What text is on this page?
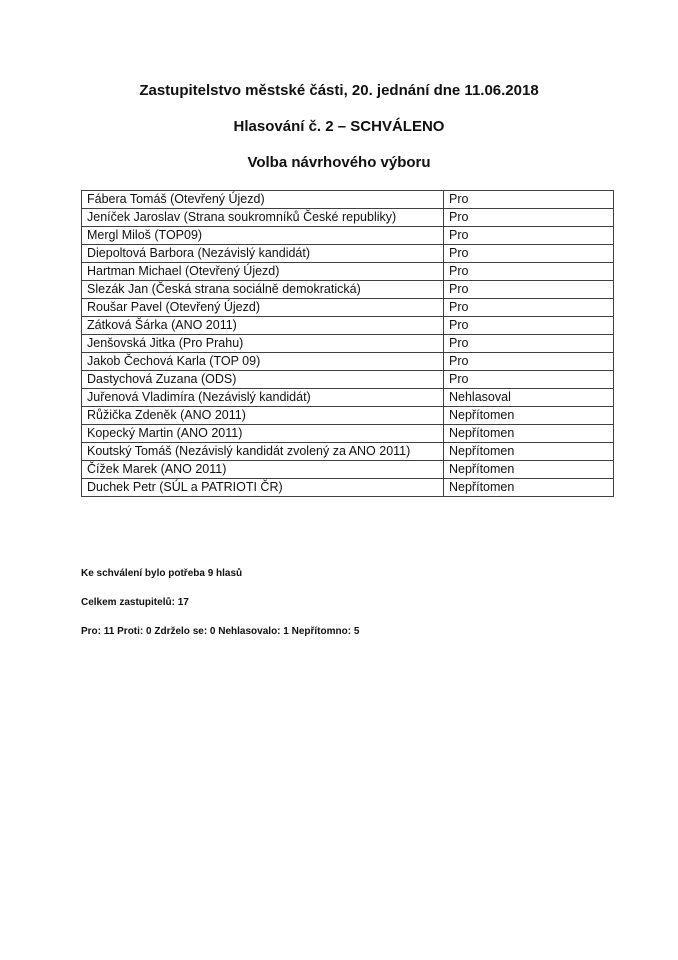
Zastupitelstvo městské části, 20. jednání dne 11.06.2018
Hlasování č. 2 – SCHVÁLENO
Volba návrhového výboru
Fábera Tomáš (Otevřený Újezd)	Pro
Jeníček Jaroslav (Strana soukromníků České republiky)	Pro
Mergl Miloš (TOP09)	Pro
Diepoltová Barbora (Nezávislý kandidát)	Pro
Hartman Michael (Otevřený Újezd)	Pro
Slezák Jan (Česká strana sociálně demokratická)	Pro
Roušar Pavel (Otevřený Újezd)	Pro
Zátková Šárka (ANO 2011)	Pro
Jenšovská Jitka (Pro Prahu)	Pro
Jakob Čechová Karla (TOP 09)	Pro
Dastychová Zuzana (ODS)	Pro
Juřenová Vladimíra (Nezávislý kandidát)	Nehlasoval
Růžička Zdeněk (ANO 2011)	Nepřítomen
Kopecký Martin (ANO 2011)	Nepřítomen
Koutský Tomáš (Nezávislý kandidát zvolený za ANO 2011)	Nepřítomen
Čížek Marek (ANO 2011)	Nepřítomen
Duchek Petr (SÚL a PATRIOTI ČR)	Nepřítomen
Ke schválení bylo potřeba 9 hlasů
Celkem zastupitelů: 17
Pro: 11 Proti: 0 Zdrželo se: 0 Nehlasovalo: 1 Nepřítomno: 5
